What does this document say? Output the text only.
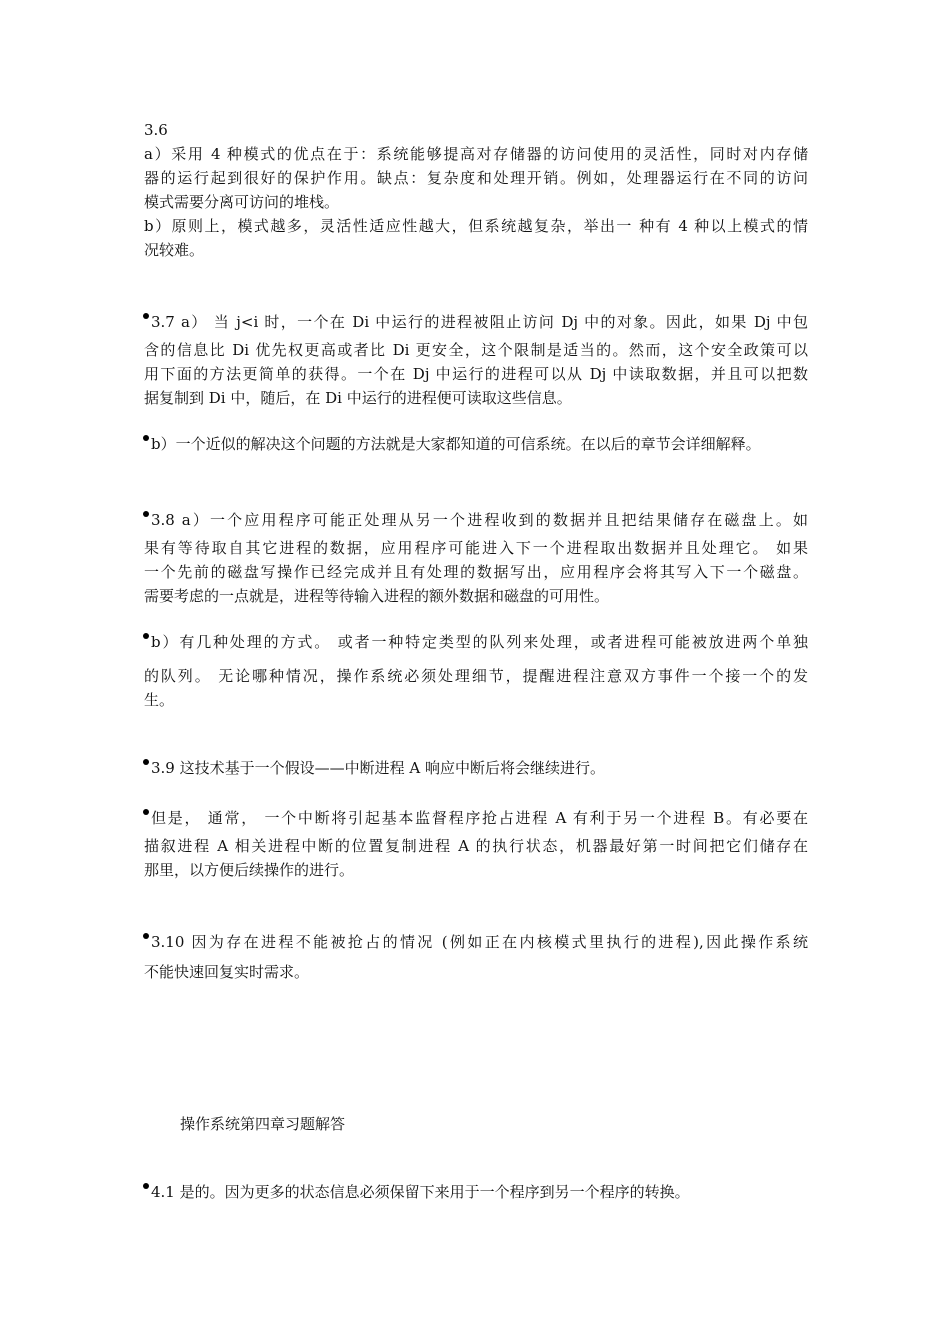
3.6
a）采用 4 种模式的优点在于：系统能够提高对存储器的访问使用的灵活性，同时对内存储
器的运行起到很好的保护作用。缺点：复杂度和处理开销。例如，处理器运行在不同的访问
模式需要分离可访问的堆栈。
b）原则上，模式越多，灵活性适应性越大，但系统越复杂，举出一 种有 4 种以上模式的情
况较难。
3.7 a） 当 j<i 时，一个在 Di 中运行的进程被阻止访问 Dj 中的对象。因此，如果 Dj 中包
含的信息比 Di 优先权更高或者比 Di 更安全，这个限制是适当的。然而，这个安全政策可以
用下面的方法更简单的获得。一个在 Dj 中运行的进程可以从 Dj 中读取数据，并且可以把数
据复制到 Di 中，随后，在 Di 中运行的进程便可读取这些信息。
b）一个近似的解决这个问题的方法就是大家都知道的可信系统。在以后的章节会详细解释。
3.8 a）一个应用程序可能正处理从另一个进程收到的数据并且把结果储存在磁盘上。如
果有等待取自其它进程的数据，应用程序可能进入下一个进程取出数据并且处理它。 如果
一个先前的磁盘写操作已经完成并且有处理的数据写出，应用程序会将其写入下一个磁盘。
需要考虑的一点就是，进程等待输入进程的额外数据和磁盘的可用性。
b）有几种处理的方式。 或者一种特定类型的队列来处理，或者进程可能被放进两个单独
的队列。 无论哪种情况，操作系统必须处理细节，提醒进程注意双方事件一个接一个的发
生。
3.9 这技术基于一个假设——中断进程 A 响应中断后将会继续进行。
但是， 通常， 一个中断将引起基本监督程序抢占进程 A 有利于另一个进程 B。有必要在
描叙进程 A 相关进程中断的位置复制进程 A 的执行状态，机器最好第一时间把它们储存在
那里，以方便后续操作的进行。
3.10 因为存在进程不能被抢占的情况 (例如正在内核模式里执行的进程),因此操作系统
不能快速回复实时需求。
操作系统第四章习题解答
4.1 是的。因为更多的状态信息必须保留下来用于一个程序到另一个程序的转换。
